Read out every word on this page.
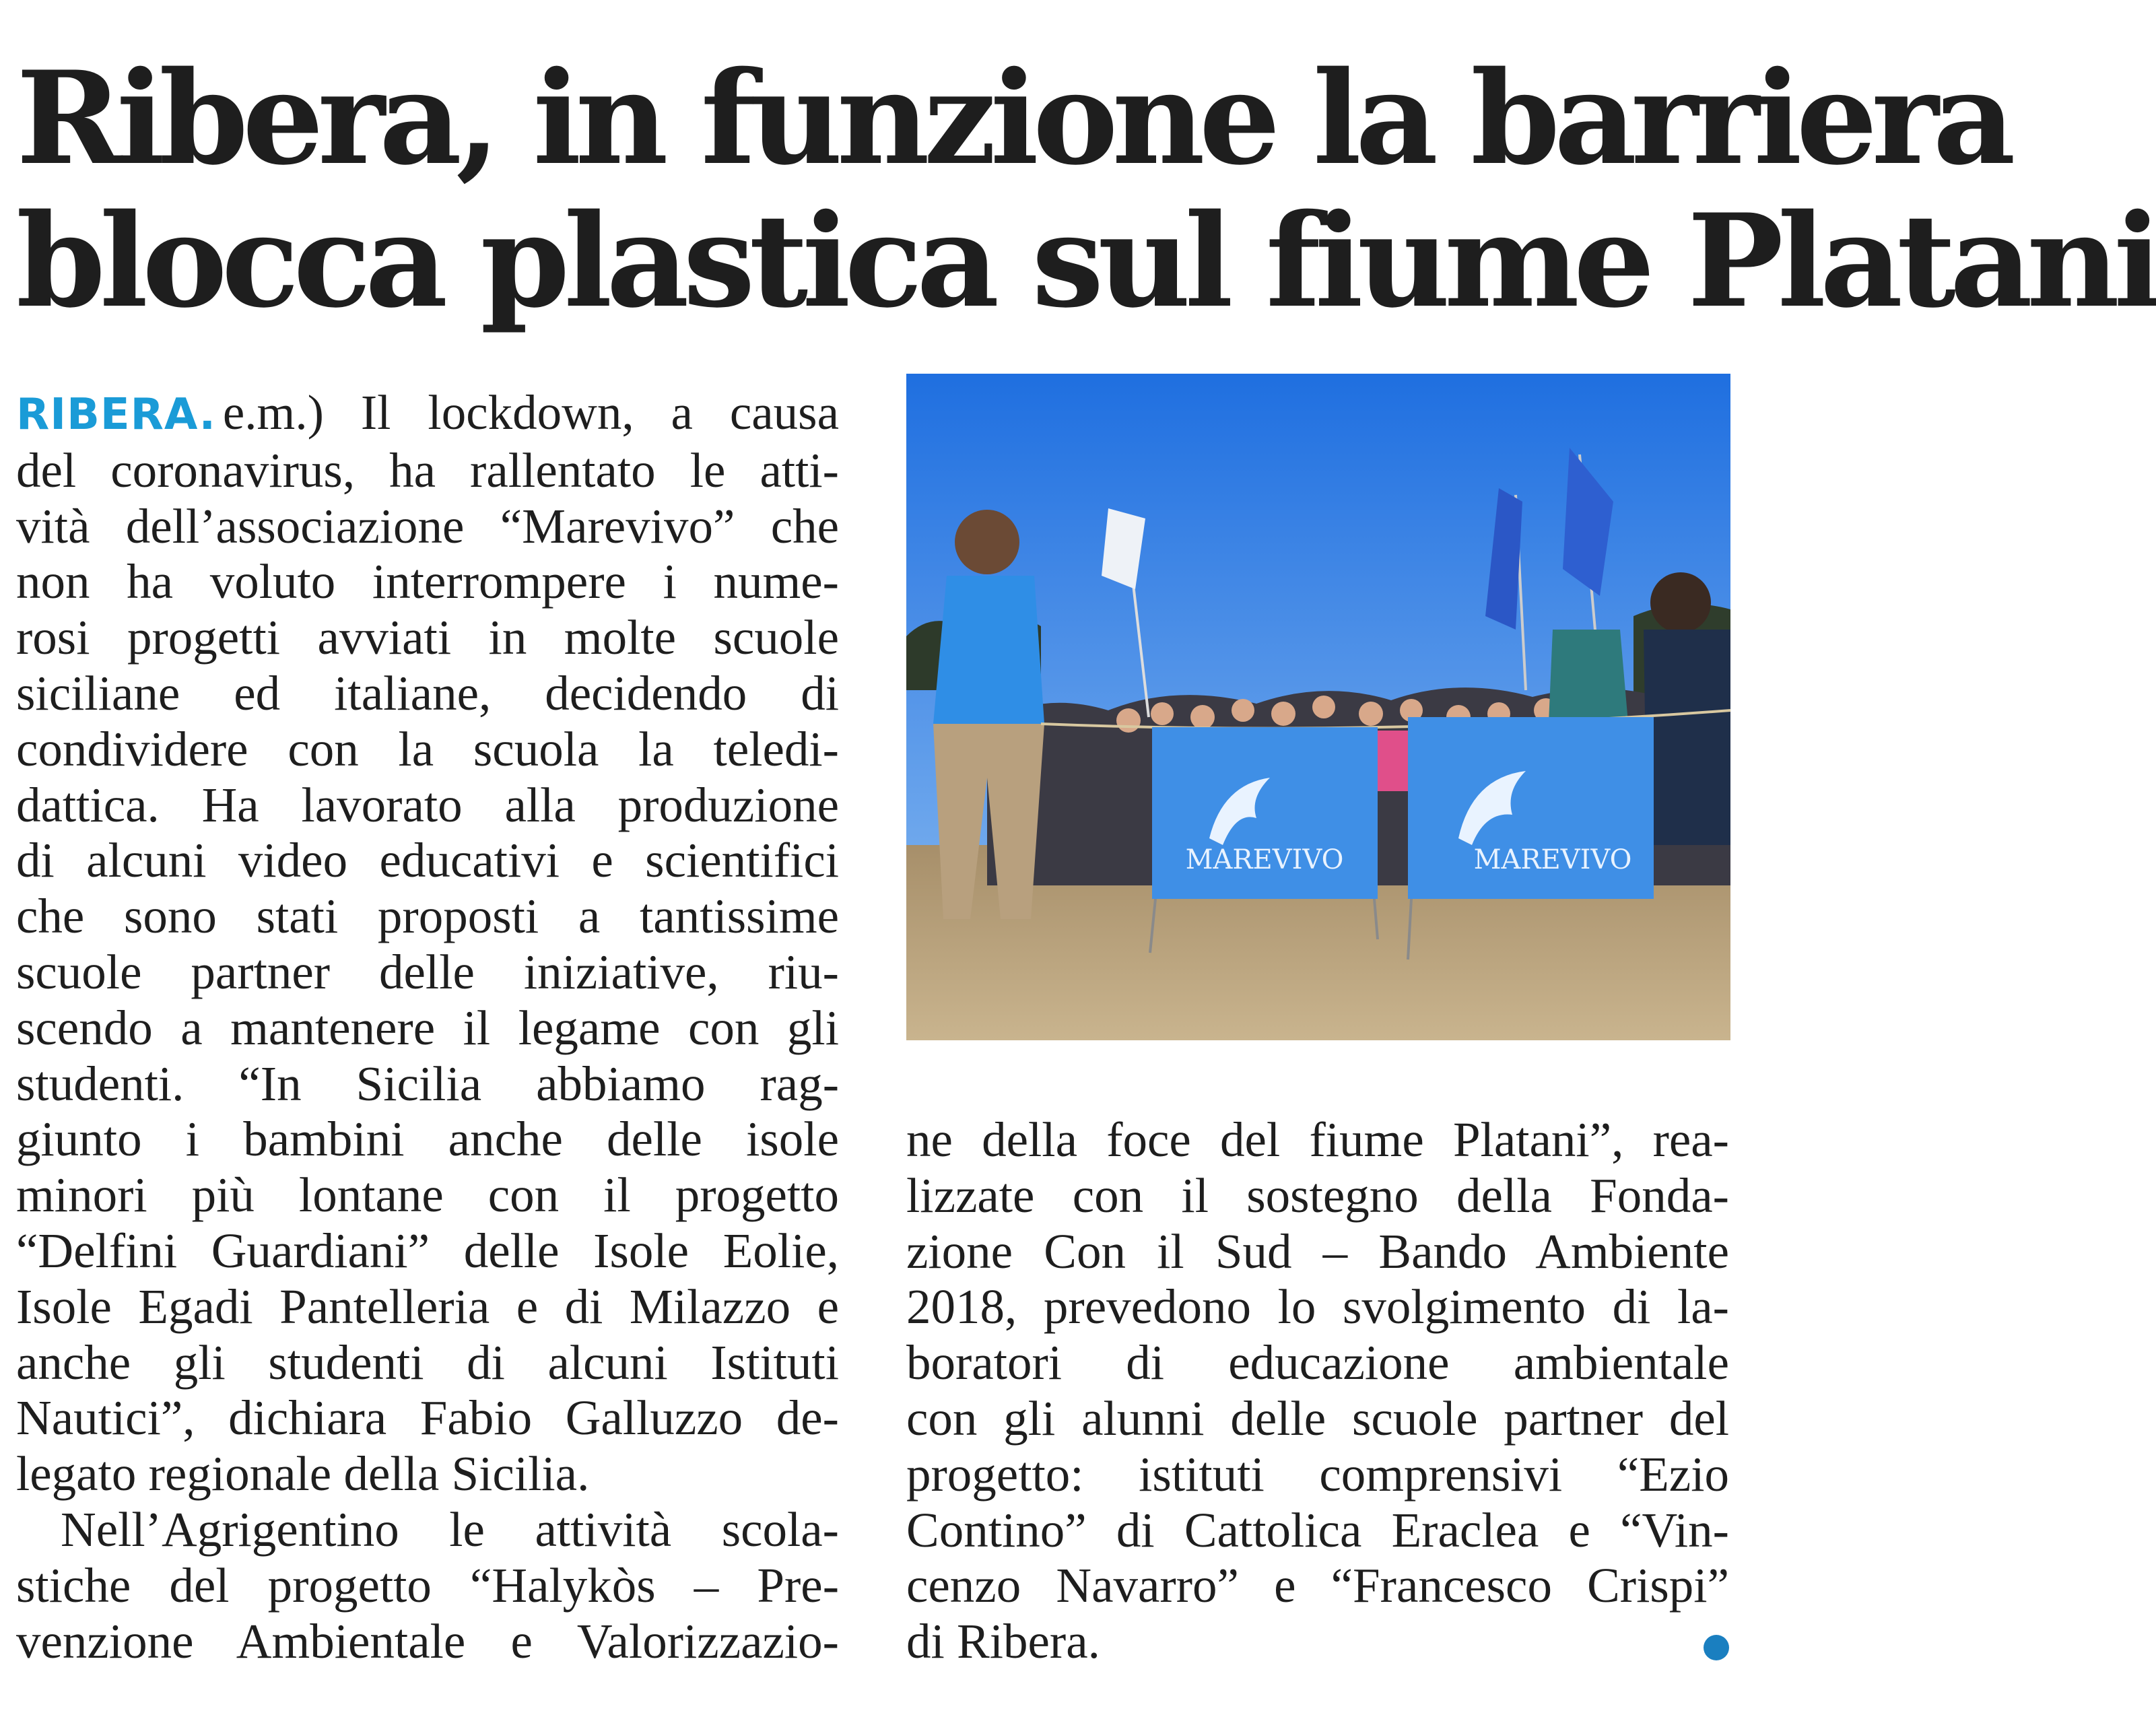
Ribera, in funzione la barriera
blocca plastica sul fiume Platani

RIBERA. e.m.) Il lockdown, a causa

del coronavirus, ha rallentato le atti-

vità dell’associazione “Marevivo” che

non ha voluto interrompere i nume-

rosi progetti avviati in molte scuole

siciliane ed italiane, decidendo di

condividere con la scuola la teledi-

dattica. Ha lavorato alla produzione

di alcuni video educativi e scientifici

che sono stati proposti a tantissime

scuole partner delle iniziative, riu-

scendo a mantenere il legame con gli

studenti. “In Sicilia abbiamo rag-

giunto i bambini anche delle isole

minori più lontane con il progetto

“Delfini Guardiani” delle Isole Eolie,

Isole Egadi Pantelleria e di Milazzo e

anche gli studenti di alcuni Istituti

Nautici”, dichiara Fabio Galluzzo de-

legato regionale della Sicilia.

Nell’Agrigentino le attività scola-

stiche del progetto “Halykòs – Pre-

venzione Ambientale e Valorizzazio-

MAREVIVO	MAREVIVO

ne della foce del fiume Platani”, rea-

lizzate con il sostegno della Fonda-

zione Con il Sud – Bando Ambiente

2018, prevedono lo svolgimento di la-

boratori di educazione ambientale

con gli alunni delle scuole partner del

progetto: istituti comprensivi “Ezio

Contino” di Cattolica Eraclea e “Vin-

cenzo Navarro” e “Francesco Crispi”

di Ribera.
